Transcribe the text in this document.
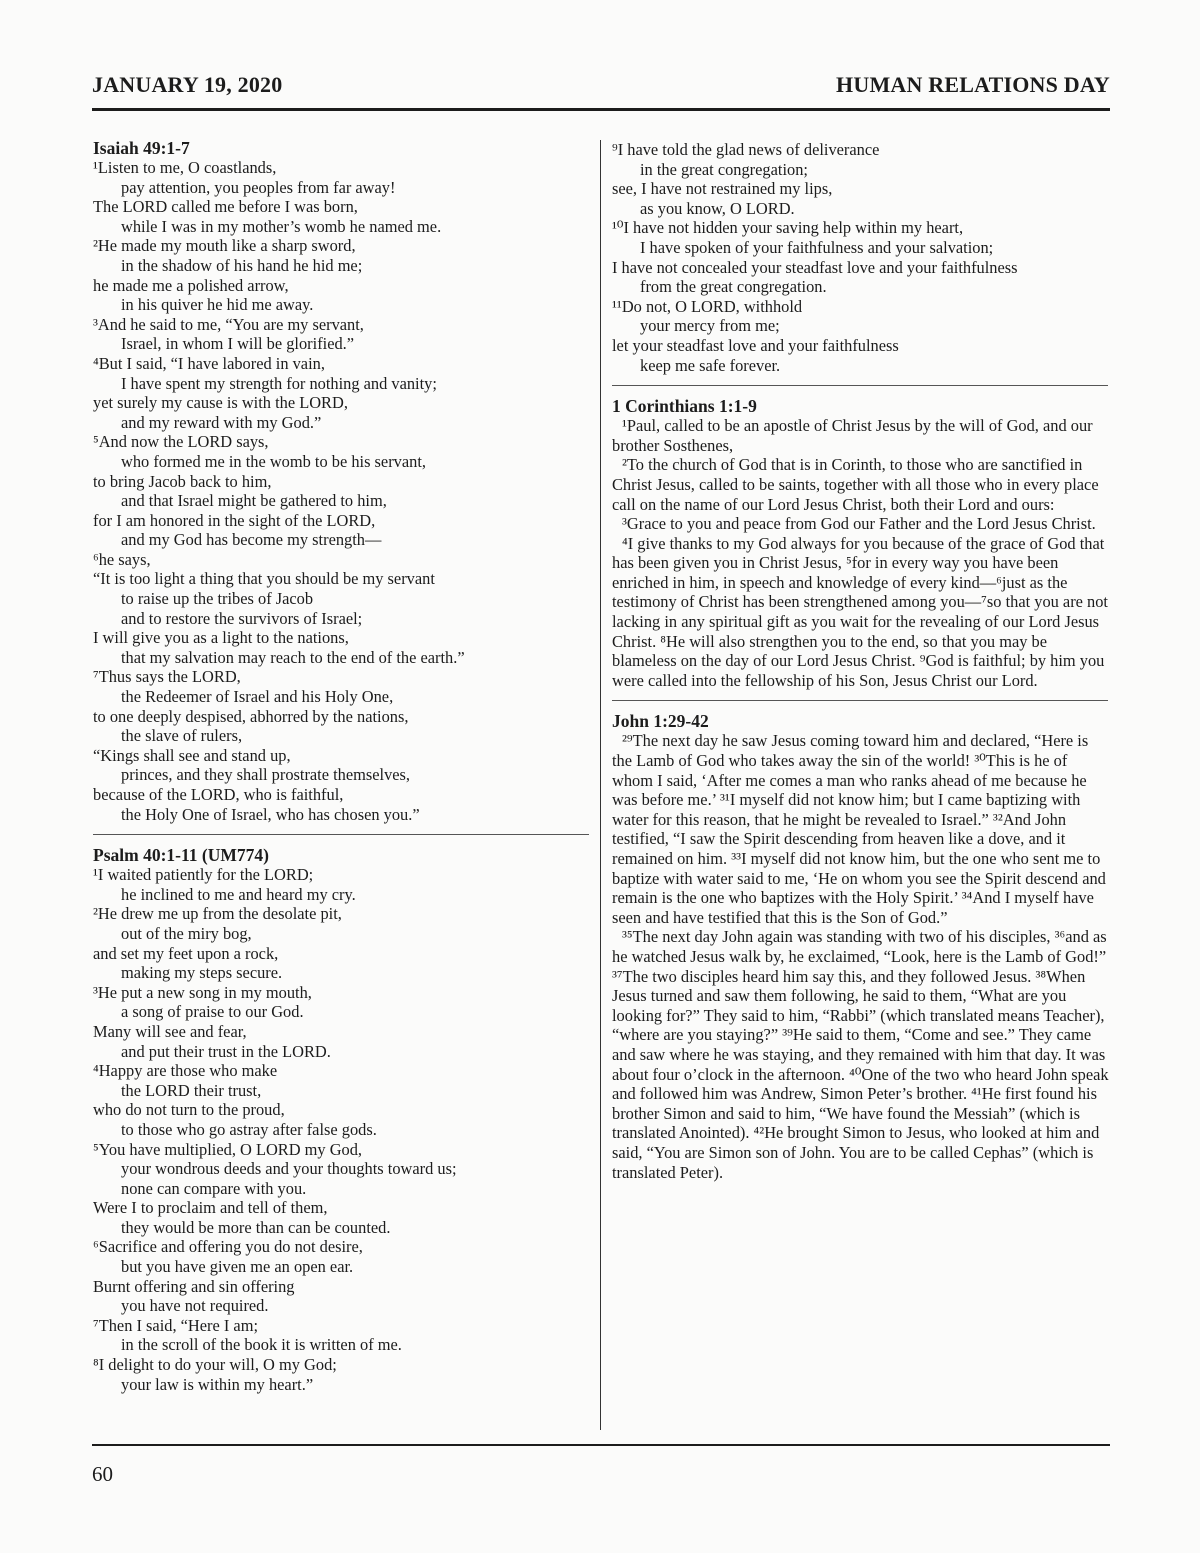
JANUARY 19, 2020	HUMAN RELATIONS DAY
Isaiah 49:1-7
¹Listen to me, O coastlands,
pay attention, you peoples from far away!
The LORD called me before I was born,
while I was in my mother’s womb he named me.
²He made my mouth like a sharp sword,
in the shadow of his hand he hid me;
he made me a polished arrow,
in his quiver he hid me away.
³And he said to me, “You are my servant,
Israel, in whom I will be glorified.”
⁴But I said, “I have labored in vain,
I have spent my strength for nothing and vanity;
yet surely my cause is with the LORD,
and my reward with my God.”
⁵And now the LORD says,
who formed me in the womb to be his servant,
to bring Jacob back to him,
and that Israel might be gathered to him,
for I am honored in the sight of the LORD,
and my God has become my strength—
⁶he says,
“It is too light a thing that you should be my servant
to raise up the tribes of Jacob
and to restore the survivors of Israel;
I will give you as a light to the nations,
that my salvation may reach to the end of the earth.”
⁷Thus says the LORD,
the Redeemer of Israel and his Holy One,
to one deeply despised, abhorred by the nations,
the slave of rulers,
“Kings shall see and stand up,
princes, and they shall prostrate themselves,
because of the LORD, who is faithful,
the Holy One of Israel, who has chosen you.”
Psalm 40:1-11 (UM774)
¹I waited patiently for the LORD;
he inclined to me and heard my cry.
²He drew me up from the desolate pit,
out of the miry bog,
and set my feet upon a rock,
making my steps secure.
³He put a new song in my mouth,
a song of praise to our God.
Many will see and fear,
and put their trust in the LORD.
⁴Happy are those who make
the LORD their trust,
who do not turn to the proud,
to those who go astray after false gods.
⁵You have multiplied, O LORD my God,
your wondrous deeds and your thoughts toward us;
none can compare with you.
Were I to proclaim and tell of them,
they would be more than can be counted.
⁶Sacrifice and offering you do not desire,
but you have given me an open ear.
Burnt offering and sin offering
you have not required.
⁷Then I said, “Here I am;
in the scroll of the book it is written of me.
⁸I delight to do your will, O my God;
your law is within my heart.”
⁹I have told the glad news of deliverance
in the great congregation;
see, I have not restrained my lips,
as you know, O LORD.
¹⁰I have not hidden your saving help within my heart,
I have spoken of your faithfulness and your salvation;
I have not concealed your steadfast love and your faithfulness
from the great congregation.
¹¹Do not, O LORD, withhold
your mercy from me;
let your steadfast love and your faithfulness
keep me safe forever.
1 Corinthians 1:1-9

¹Paul, called to be an apostle of Christ Jesus by the will of God, and our brother Sosthenes,

²To the church of God that is in Corinth, to those who are sanctified in Christ Jesus, called to be saints, together with all those who in every place call on the name of our Lord Jesus Christ, both their Lord and ours:

³Grace to you and peace from God our Father and the Lord Jesus Christ.

⁴I give thanks to my God always for you because of the grace of God that has been given you in Christ Jesus, ⁵for in every way you have been enriched in him, in speech and knowledge of every kind—⁶just as the testimony of Christ has been strengthened among you—⁷so that you are not lacking in any spiritual gift as you wait for the revealing of our Lord Jesus Christ. ⁸He will also strengthen you to the end, so that you may be blameless on the day of our Lord Jesus Christ. ⁹God is faithful; by him you were called into the fellowship of his Son, Jesus Christ our Lord.

John 1:29-42

²⁹The next day he saw Jesus coming toward him and declared, “Here is the Lamb of God who takes away the sin of the world! ³⁰This is he of whom I said, ‘After me comes a man who ranks ahead of me because he was before me.’ ³¹I myself did not know him; but I came baptizing with water for this reason, that he might be revealed to Israel.” ³²And John testified, “I saw the Spirit descending from heaven like a dove, and it remained on him. ³³I myself did not know him, but the one who sent me to baptize with water said to me, ‘He on whom you see the Spirit descend and remain is the one who baptizes with the Holy Spirit.’ ³⁴And I myself have seen and have testified that this is the Son of God.”

³⁵The next day John again was standing with two of his disciples, ³⁶and as he watched Jesus walk by, he exclaimed, “Look, here is the Lamb of God!” ³⁷The two disciples heard him say this, and they followed Jesus. ³⁸When Jesus turned and saw them following, he said to them, “What are you looking for?” They said to him, “Rabbi” (which translated means Teacher), “where are you staying?” ³⁹He said to them, “Come and see.” They came and saw where he was staying, and they remained with him that day. It was about four o’clock in the afternoon. ⁴⁰One of the two who heard John speak and followed him was Andrew, Simon Peter’s brother. ⁴¹He first found his brother Simon and said to him, “We have found the Messiah” (which is translated Anointed). ⁴²He brought Simon to Jesus, who looked at him and said, “You are Simon son of John. You are to be called Cephas” (which is translated Peter).

60
